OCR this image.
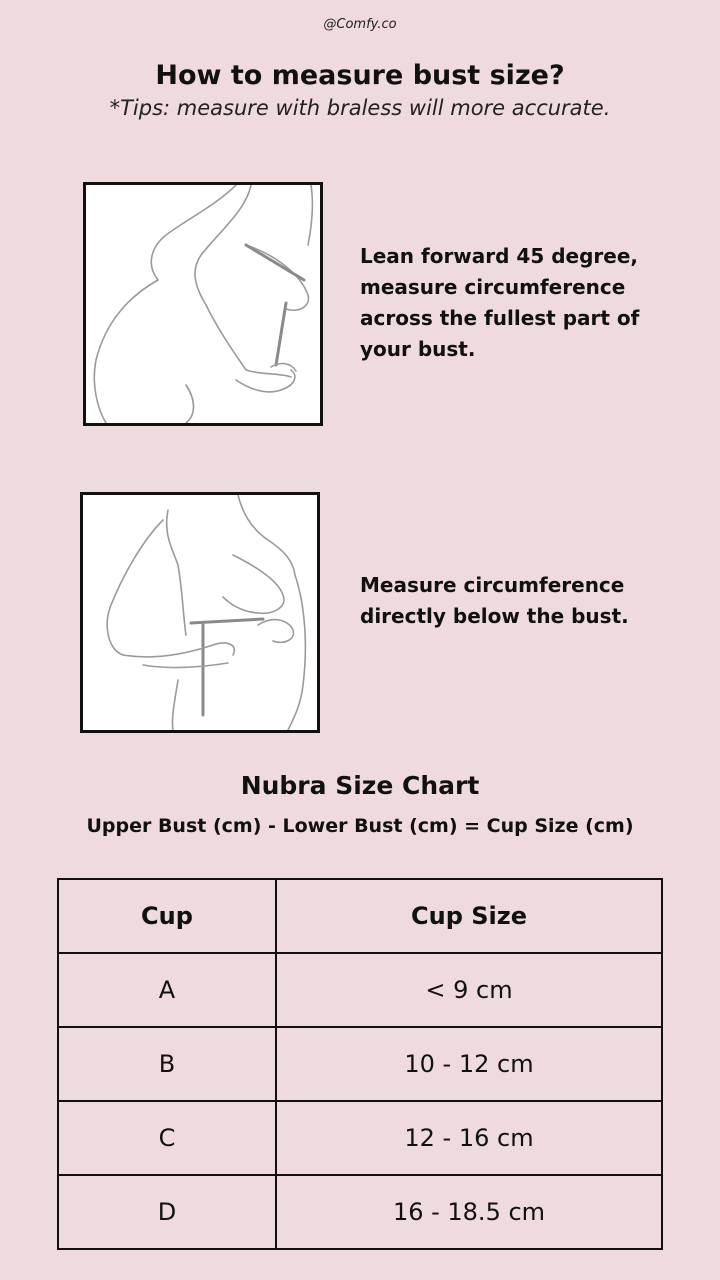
@Comfy.co
How to measure bust size?
*Tips: measure with braless will more accurate.
Lean forward 45 degree, measure circumference across the fullest part of your bust.
Measure circumference directly below the bust.
Nubra Size Chart
Upper Bust (cm) - Lower Bust (cm) = Cup Size (cm)
Cup	Cup Size
A	< 9 cm
B	10 - 12 cm
C	12 - 16 cm
D	16 - 18.5 cm
